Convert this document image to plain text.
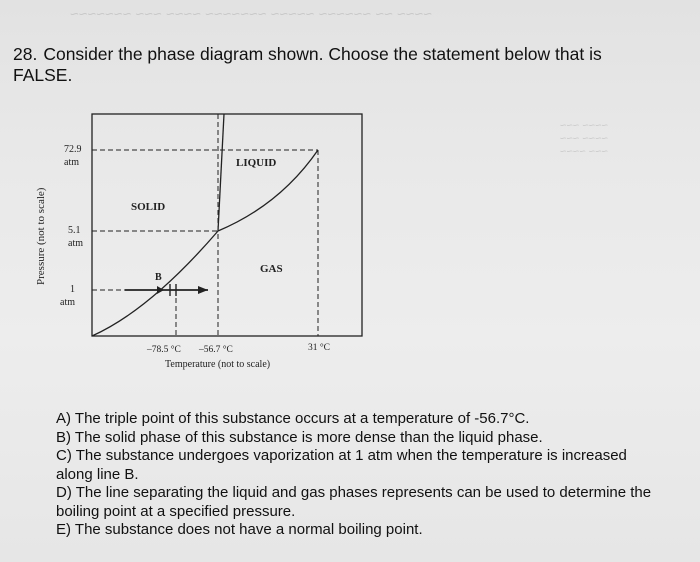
~~~~ ~~ ~~~~~~ ~~~~~ ~~~~~~~ ~~~~ ~~~ ~~~~~~~
~~~~ ~~~
~~~~ ~~~
~~~ ~~~~
28. Consider the phase diagram shown. Choose the statement below that is FALSE.
Pressure (not to scale)	B
SOLID
LIQUID
GAS
72.9
atm
5.1
atm
1
atm
–78.5 °C –56.7 °C	31 °C
Temperature (not to scale)

A) The triple point of this substance occurs at a temperature of -56.7°C.

B) The solid phase of this substance is more dense than the liquid phase.

C) The substance undergoes vaporization at 1 atm when the temperature is increased along line B.

D) The line separating the liquid and gas phases represents can be used to determine the boiling point at a specified pressure.

E) The substance does not have a normal boiling point.
